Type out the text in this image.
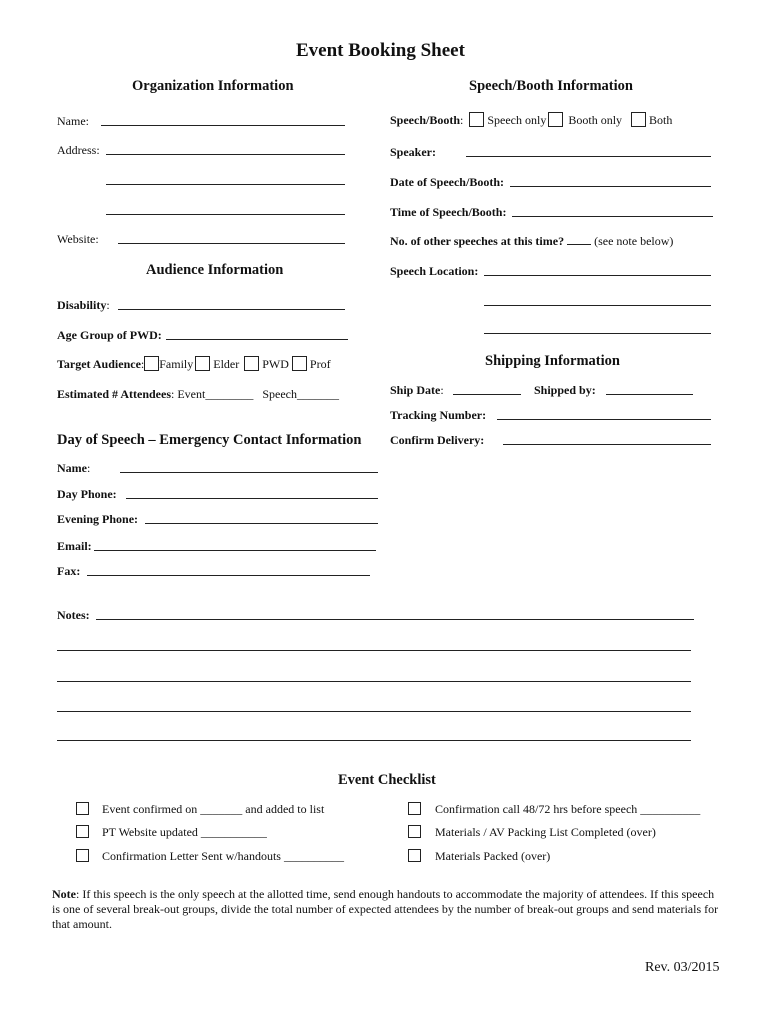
Event Booking Sheet
Organization Information
Name:
Address:
Website:
Speech/Booth Information
Speech/Booth:  Speech only Booth only Both
Speaker:
Date of Speech/Booth:
Time of Speech/Booth:
No. of other speeches at this time?	(see note below)
Speech Location:
Audience Information
Disability:
Age Group of PWD:
Target Audience: Family Elder PWD Prof
Estimated # Attendees: Event________ Speech_______
Shipping Information
Ship Date:	Shipped by:
Tracking Number:
Confirm Delivery:
Day of Speech – Emergency Contact Information
Name:
Day Phone:
Evening Phone:
Email:
Fax:
Notes:
Event Checklist
Event confirmed on _______ and added to list
PT Website updated ___________
Confirmation Letter Sent w/handouts __________
Confirmation call 48/72 hrs before speech __________
Materials / AV Packing List Completed (over)
Materials Packed (over)
Note: If this speech is the only speech at the allotted time, send enough handouts to accommodate the majority of attendees. If this speech is one of several break-out groups, divide the total number of expected attendees by the number of break-out groups and send materials for that amount.
Rev. 03/2015
